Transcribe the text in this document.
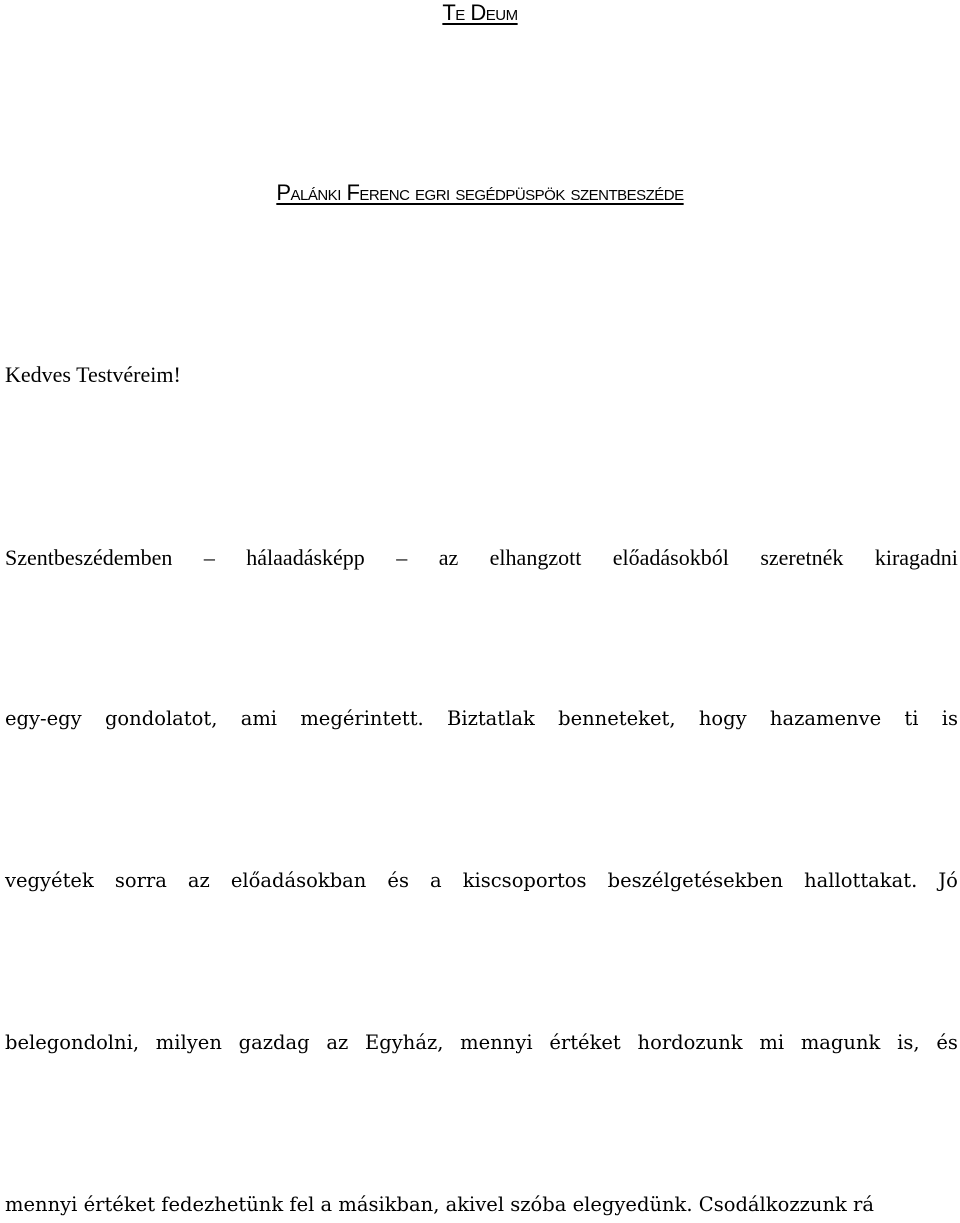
Te Deum
Palánki Ferenc egri segédpüspök szentbeszéde
Kedves Testvéreim!
Szentbeszédemben – hálaadásképp – az elhangzott előadásokból szeretnék kiragadni
egy-egy gondolatot, ami megérintett. Biztatlak benneteket, hogy hazamenve ti is
vegyétek sorra az előadásokban és a kiscsoportos beszélgetésekben hallottakat. Jó
belegondolni, milyen gazdag az Egyház, mennyi értéket hordozunk mi magunk is, és
mennyi értéket fedezhetünk fel a másikban, akivel szóba elegyedünk. Csodálkozzunk rá
